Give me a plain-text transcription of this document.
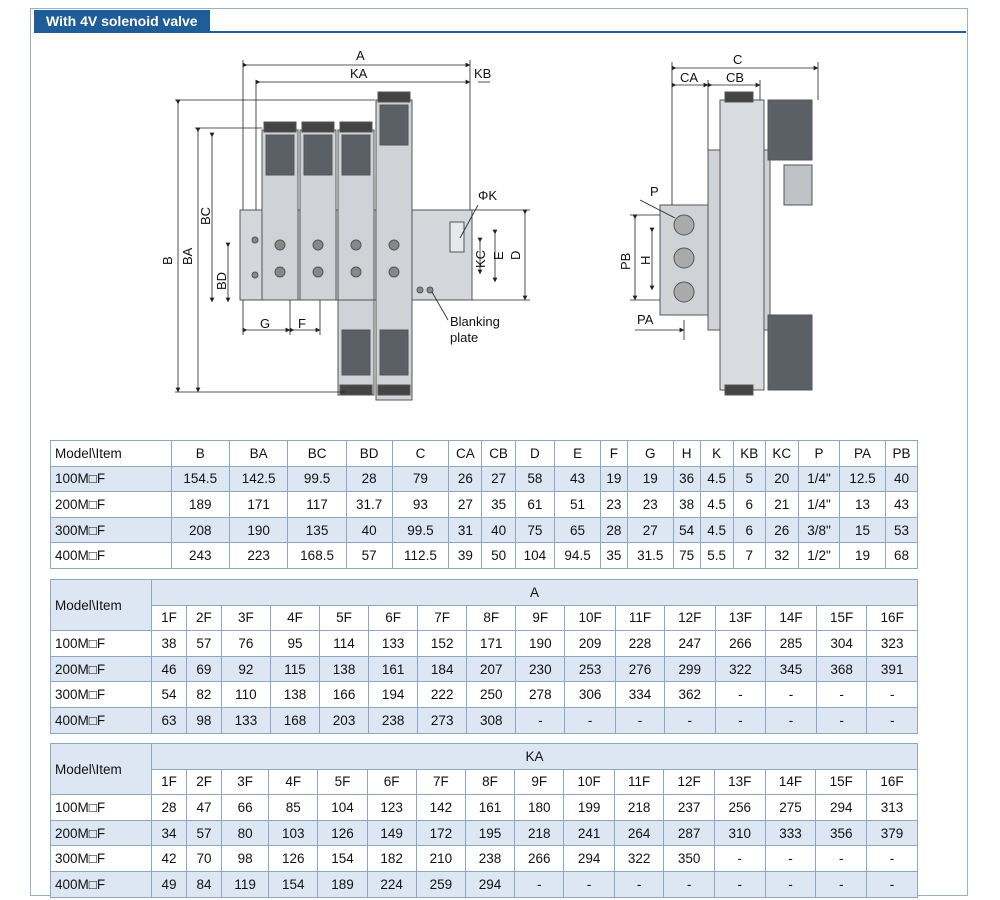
With 4V solenoid valve
A
KA	KB
B BA
BC
BD
G F
ΦK
KC E D
Blanking
plate
C
CA CB
P
PB H
PA
Model\Item	B	BA	BC	BD	C	CA	CB	D	E	F	G	H	K	KB	KC	P	PA	PB
100M□F	154.5	142.5	99.5	28	79	26	27	58	43	19	19	36	4.5	5	20	1/4"	12.5	40
200M□F	189	171	117	31.7	93	27	35	61	51	23	23	38	4.5	6	21	1/4"	13	43
300M□F	208	190	135	40	99.5	31	40	75	65	28	27	54	4.5	6	26	3/8"	15	53
400M□F	243	223	168.5	57	112.5	39	50	104	94.5	35	31.5	75	5.5	7	32	1/2"	19	68
Model\Item	A															
	1F	2F	3F	4F	5F	6F	7F	8F	9F	10F	11F	12F	13F	14F	15F	16F
100M□F	38	57	76	95	114	133	152	171	190	209	228	247	266	285	304	323
200M□F	46	69	92	115	138	161	184	207	230	253	276	299	322	345	368	391
300M□F	54	82	110	138	166	194	222	250	278	306	334	362	-	-	-	-
400M□F	63	98	133	168	203	238	273	308	-	-	-	-	-	-	-	-
Model\Item	KA															
	1F	2F	3F	4F	5F	6F	7F	8F	9F	10F	11F	12F	13F	14F	15F	16F
100M□F	28	47	66	85	104	123	142	161	180	199	218	237	256	275	294	313
200M□F	34	57	80	103	126	149	172	195	218	241	264	287	310	333	356	379
300M□F	42	70	98	126	154	182	210	238	266	294	322	350	-	-	-	-
400M□F	49	84	119	154	189	224	259	294	-	-	-	-	-	-	-	-
